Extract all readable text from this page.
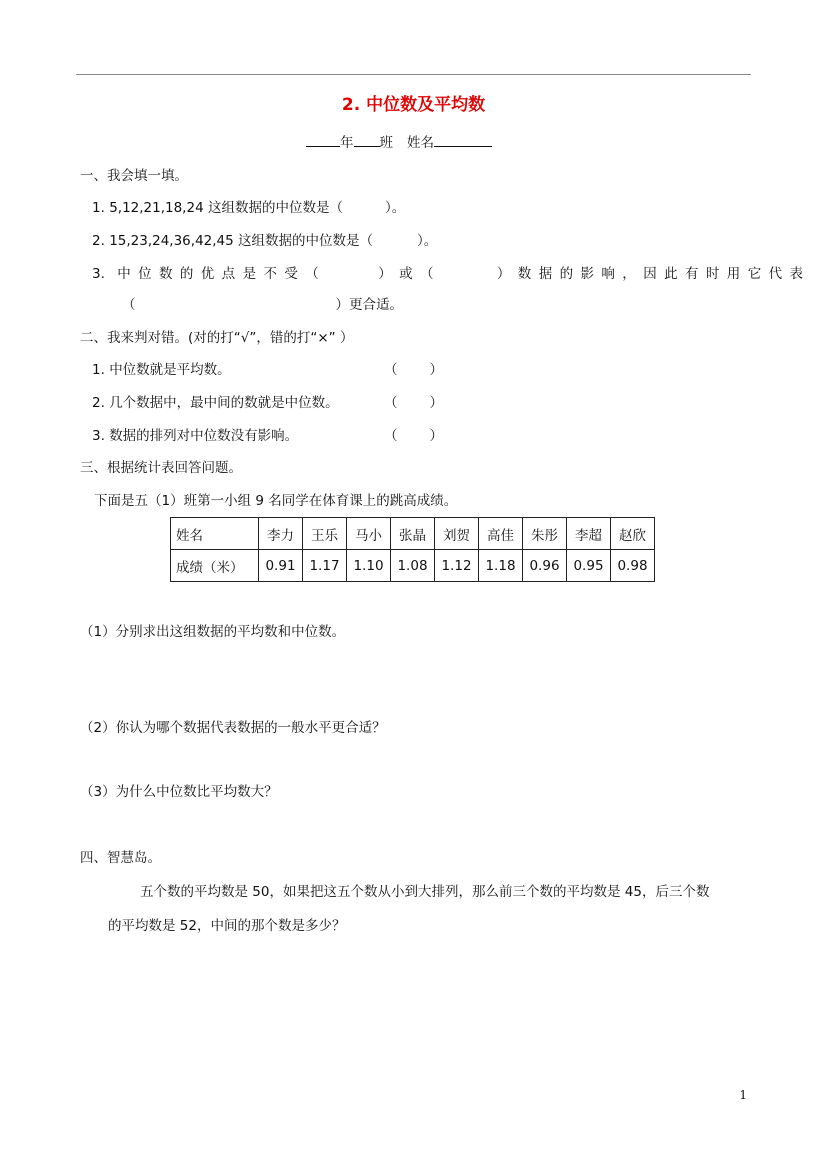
2. 中位数及平均数
年 班 姓名
一、我会填一填。
1. 5,12,21,18,24 这组数据的中位数是（	）。
2. 15,23,24,36,42,45 这组数据的中位数是（	）。
3. 中位数的优点是不受（	）或（	）数据的影响，因此有时用它代表
（	）更合适。
二、我来判对错。(对的打“√”，错的打“×” ）
1. 中位数就是平均数。	（ ）
2. 几个数据中，最中间的数就是中位数。	（ ）
3. 数据的排列对中位数没有影响。	（ ）
三、根据统计表回答问题。
下面是五（1）班第一小组 9 名同学在体育课上的跳高成绩。
姓名	李力	王乐	马小	张晶	刘贺	高佳	朱彤	李超	赵欣
成绩（米）	0.91	1.17	1.10	1.08	1.12	1.18	0.96	0.95	0.98
（1）分别求出这组数据的平均数和中位数。
（2）你认为哪个数据代表数据的一般水平更合适？
（3）为什么中位数比平均数大？
四、智慧岛。
五个数的平均数是 50，如果把这五个数从小到大排列，那么前三个数的平均数是 45，后三个数
的平均数是 52，中间的那个数是多少？
1
